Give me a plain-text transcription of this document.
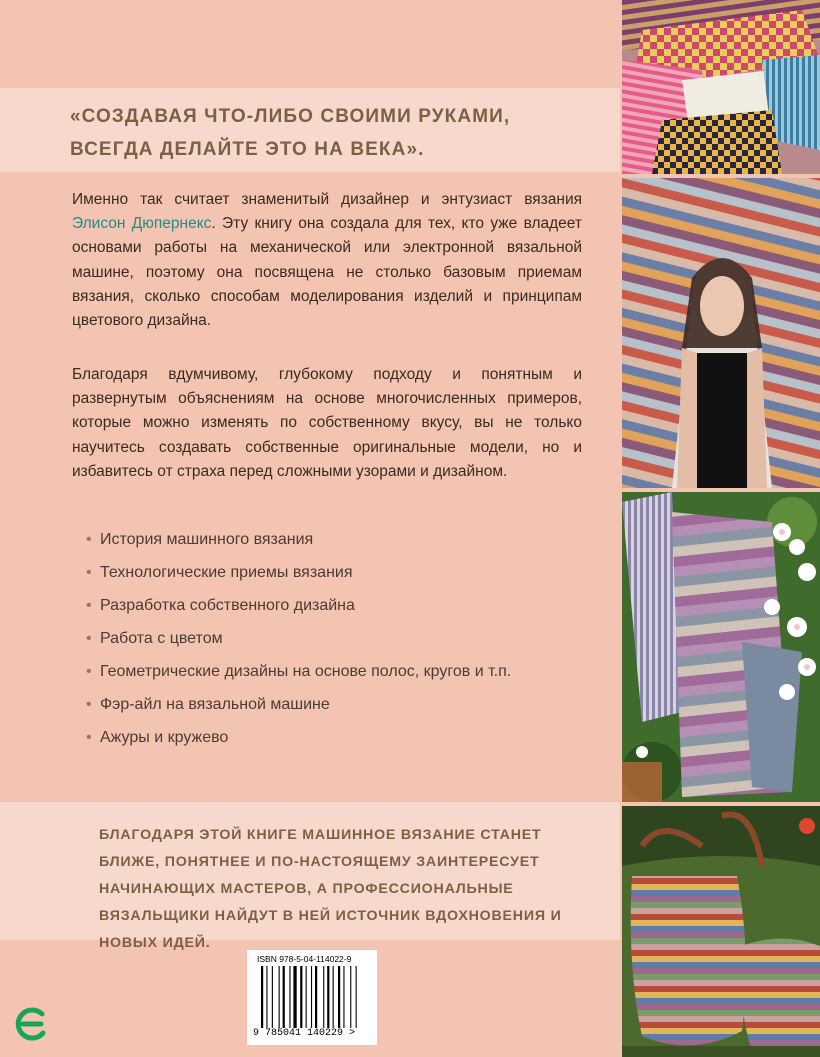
«СОЗДАВАЯ ЧТО-ЛИБО СВОИМИ РУКАМИ,
ВСЕГДА ДЕЛАЙТЕ ЭТО НА ВЕКА».

Именно так считает знаменитый дизайнер и энтузиаст вязания Элисон Дюпернекс. Эту книгу она создала для тех, кто уже владеет основами работы на механической или электронной вязальной машине, поэтому она посвящена не столько базовым приемам вязания, сколько способам моделирования изделий и принципам цветового дизайна.

Благодаря вдумчивому, глубокому подходу и понятным и развернутым объяснениям на основе многочисленных примеров, которые можно изменять по собственному вкусу, вы не только научитесь создавать собственные оригинальные модели, но и избавитесь от страха перед сложными узорами и дизайном.

• История машинного вязания
• Технологические приемы вязания
• Разработка собственного дизайна
• Работа с цветом
• Геометрические дизайны на основе полос, кругов и т.п.
• Фэр-айл на вязальной машине
• Ажуры и кружево

БЛАГОДАРЯ ЭТОЙ КНИГЕ МАШИННОЕ ВЯЗАНИЕ СТАНЕТ БЛИЖЕ, ПОНЯТНЕЕ И ПО-НАСТОЯЩЕМУ ЗАИНТЕРЕСУЕТ НАЧИНАЮЩИХ МАСТЕРОВ, А ПРОФЕССИОНАЛЬНЫЕ ВЯЗАЛЬЩИКИ НАЙДУТ В НЕЙ ИСТОЧНИК ВДОХНОВЕНИЯ И НОВЫХ ИДЕЙ.

ISBN 978-5-04-114022-9
9 785041 140229 >
